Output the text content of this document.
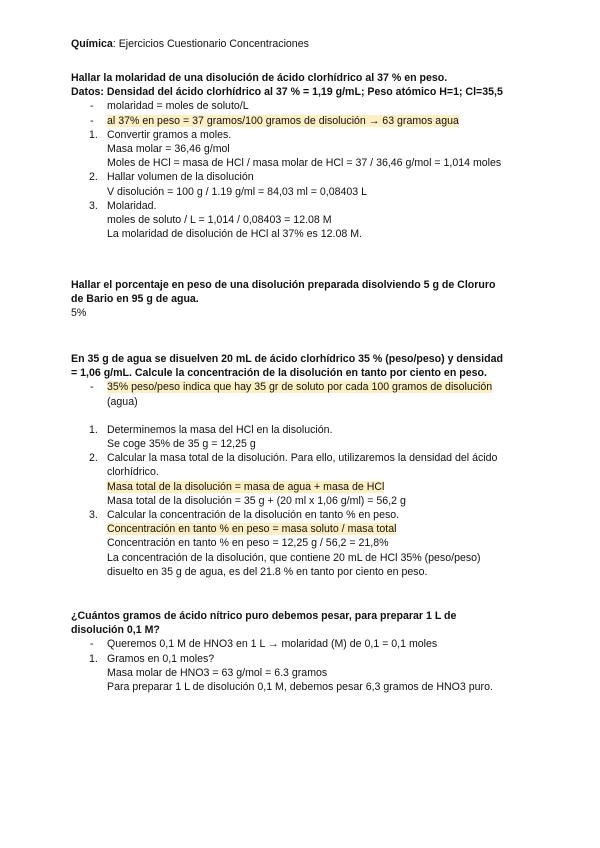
Química: Ejercicios Cuestionario Concentraciones

Hallar la molaridad de una disolución de ácido clorhídrico al 37 % en peso.

Datos: Densidad del ácido clorhídrico al 37 % = 1,19 g/mL; Peso atómico H=1; Cl=35,5

- molaridad = moles de soluto/L

- al 37% en peso = 37 gramos/100 gramos de disolución → 63 gramos agua

1. Convertir gramos a moles.

Masa molar = 36,46 g/mol

Moles de HCl = masa de HCl / masa molar de HCl = 37 / 36,46 g/mol = 1,014 moles

2. Hallar volumen de la disolución

V disolución = 100 g / 1.19 g/ml = 84,03 ml = 0,08403 L

3. Molaridad.

moles de soluto / L = 1,014 / 0,08403 = 12.08 M

La molaridad de disolución de HCl al 37% es 12.08 M.

Hallar el porcentaje en peso de una disolución preparada disolviendo 5 g de Cloruro

de Bario en 95 g de agua.

5%

En 35 g de agua se disuelven 20 mL de ácido clorhídrico 35 % (peso/peso) y densidad

= 1,06 g/mL. Calcule la concentración de la disolución en tanto por ciento en peso.

- 35% peso/peso indica que hay 35 gr de soluto por cada 100 gramos de disolución

(agua)

1. Determinemos la masa del HCl en la disolución.

Se coge 35% de 35 g = 12,25 g

2. Calcular la masa total de la disolución. Para ello, utilizaremos la densidad del ácido

clorhídrico.

Masa total de la disolución = masa de agua + masa de HCl

Masa total de la disolución = 35 g + (20 ml x 1,06 g/ml) = 56,2 g

3. Calcular la concentración de la disolución en tanto % en peso.

Concentración en tanto % en peso = masa soluto / masa total

Concentración en tanto % en peso = 12,25 g / 56,2 = 21,8%

La concentración de la disolución, que contiene 20 mL de HCl 35% (peso/peso)

disuelto en 35 g de agua, es del 21.8 % en tanto por ciento en peso.

¿Cuántos gramos de ácido nítrico puro debemos pesar, para preparar 1 L de

disolución 0,1 M?

- Queremos 0,1 M de HNO3 en 1 L → molaridad (M) de 0,1 = 0,1 moles

1. Gramos en 0,1 moles?

Masa molar de HNO3 = 63 g/mol = 6.3 gramos

Para preparar 1 L de disolución 0,1 M, debemos pesar 6,3 gramos de HNO3 puro.
